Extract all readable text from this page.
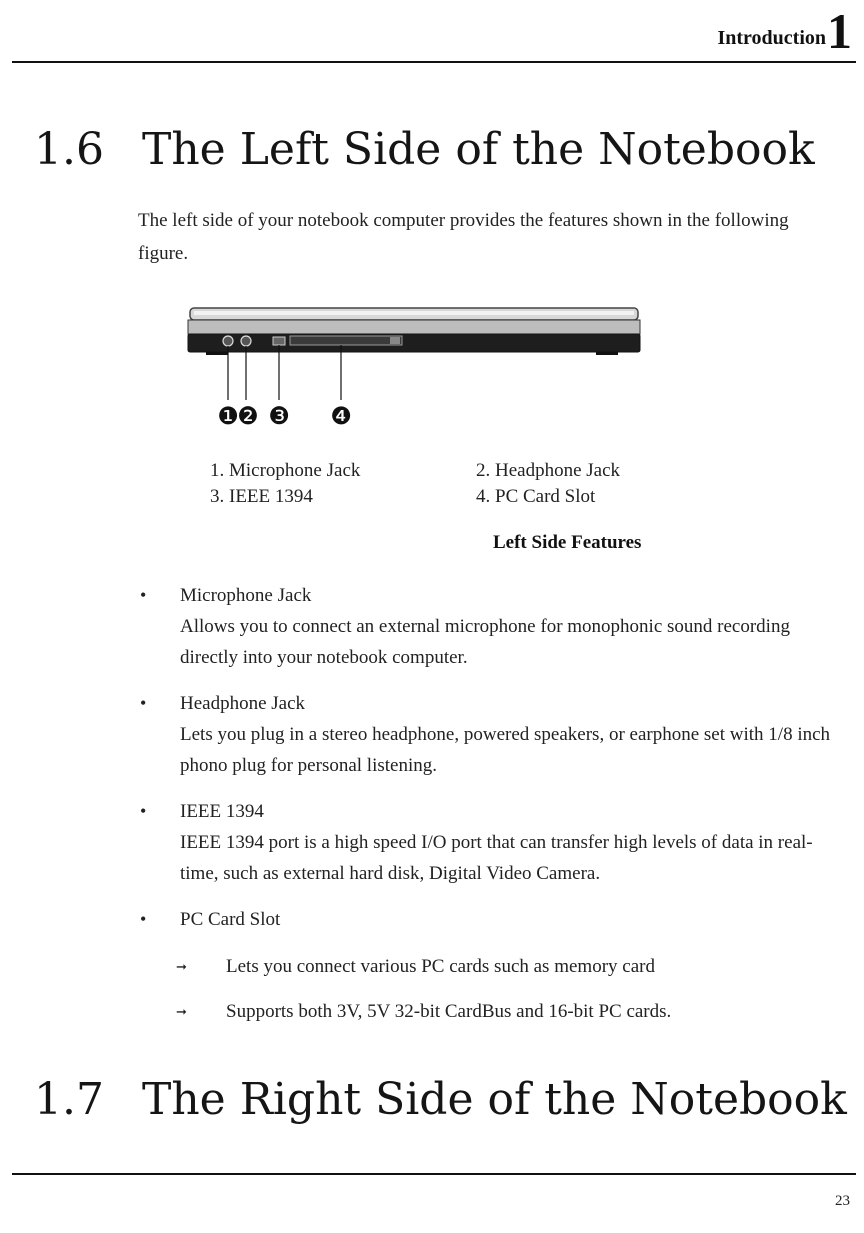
Introduction 1
1.6 The Left Side of the Notebook
The left side of your notebook computer provides the features shown in the following figure.
❶
❷ ❸ ❹
1. Microphone Jack	2. Headphone Jack
3. IEEE 1394	4. PC Card Slot
Left Side Features
• Microphone Jack
Allows you to connect an external microphone for monophonic sound recording directly into your notebook computer.
• Headphone Jack
Lets you plug in a stereo headphone, powered speakers, or earphone set with 1/8 inch phono plug for personal listening.
• IEEE 1394
IEEE 1394 port is a high speed I/O port that can transfer high levels of data in real-time, such as external hard disk, Digital Video Camera.
• PC Card Slot
➞ Lets you connect various PC cards such as memory card
➞ Supports both 3V, 5V 32-bit CardBus and 16-bit PC cards.
1.7 The Right Side of the Notebook
23
